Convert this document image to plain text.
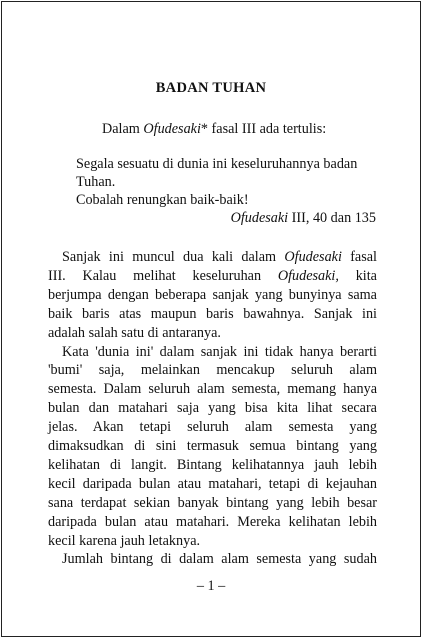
BADAN TUHAN
Dalam Ofudesaki* fasal III ada tertulis:
Segala sesuatu di dunia ini keseluruhannya badan
Tuhan.
Cobalah renungkan baik-baik!
Ofudesaki III, 40 dan 135
Sanjak ini muncul dua kali dalam Ofudesaki fasal
III. Kalau melihat keseluruhan Ofudesaki, kita
berjumpa dengan beberapa sanjak yang bunyinya sama
baik baris atas maupun baris bawahnya. Sanjak ini
adalah salah satu di antaranya.
Kata 'dunia ini' dalam sanjak ini tidak hanya berarti
'bumi' saja, melainkan mencakup seluruh alam
semesta. Dalam seluruh alam semesta, memang hanya
bulan dan matahari saja yang bisa kita lihat secara
jelas. Akan tetapi seluruh alam semesta yang
dimaksudkan di sini termasuk semua bintang yang
kelihatan di langit. Bintang kelihatannya jauh lebih
kecil daripada bulan atau matahari, tetapi di kejauhan
sana terdapat sekian banyak bintang yang lebih besar
daripada bulan atau matahari. Mereka kelihatan lebih
kecil karena jauh letaknya.
Jumlah bintang di dalam alam semesta yang sudah
– 1 –
